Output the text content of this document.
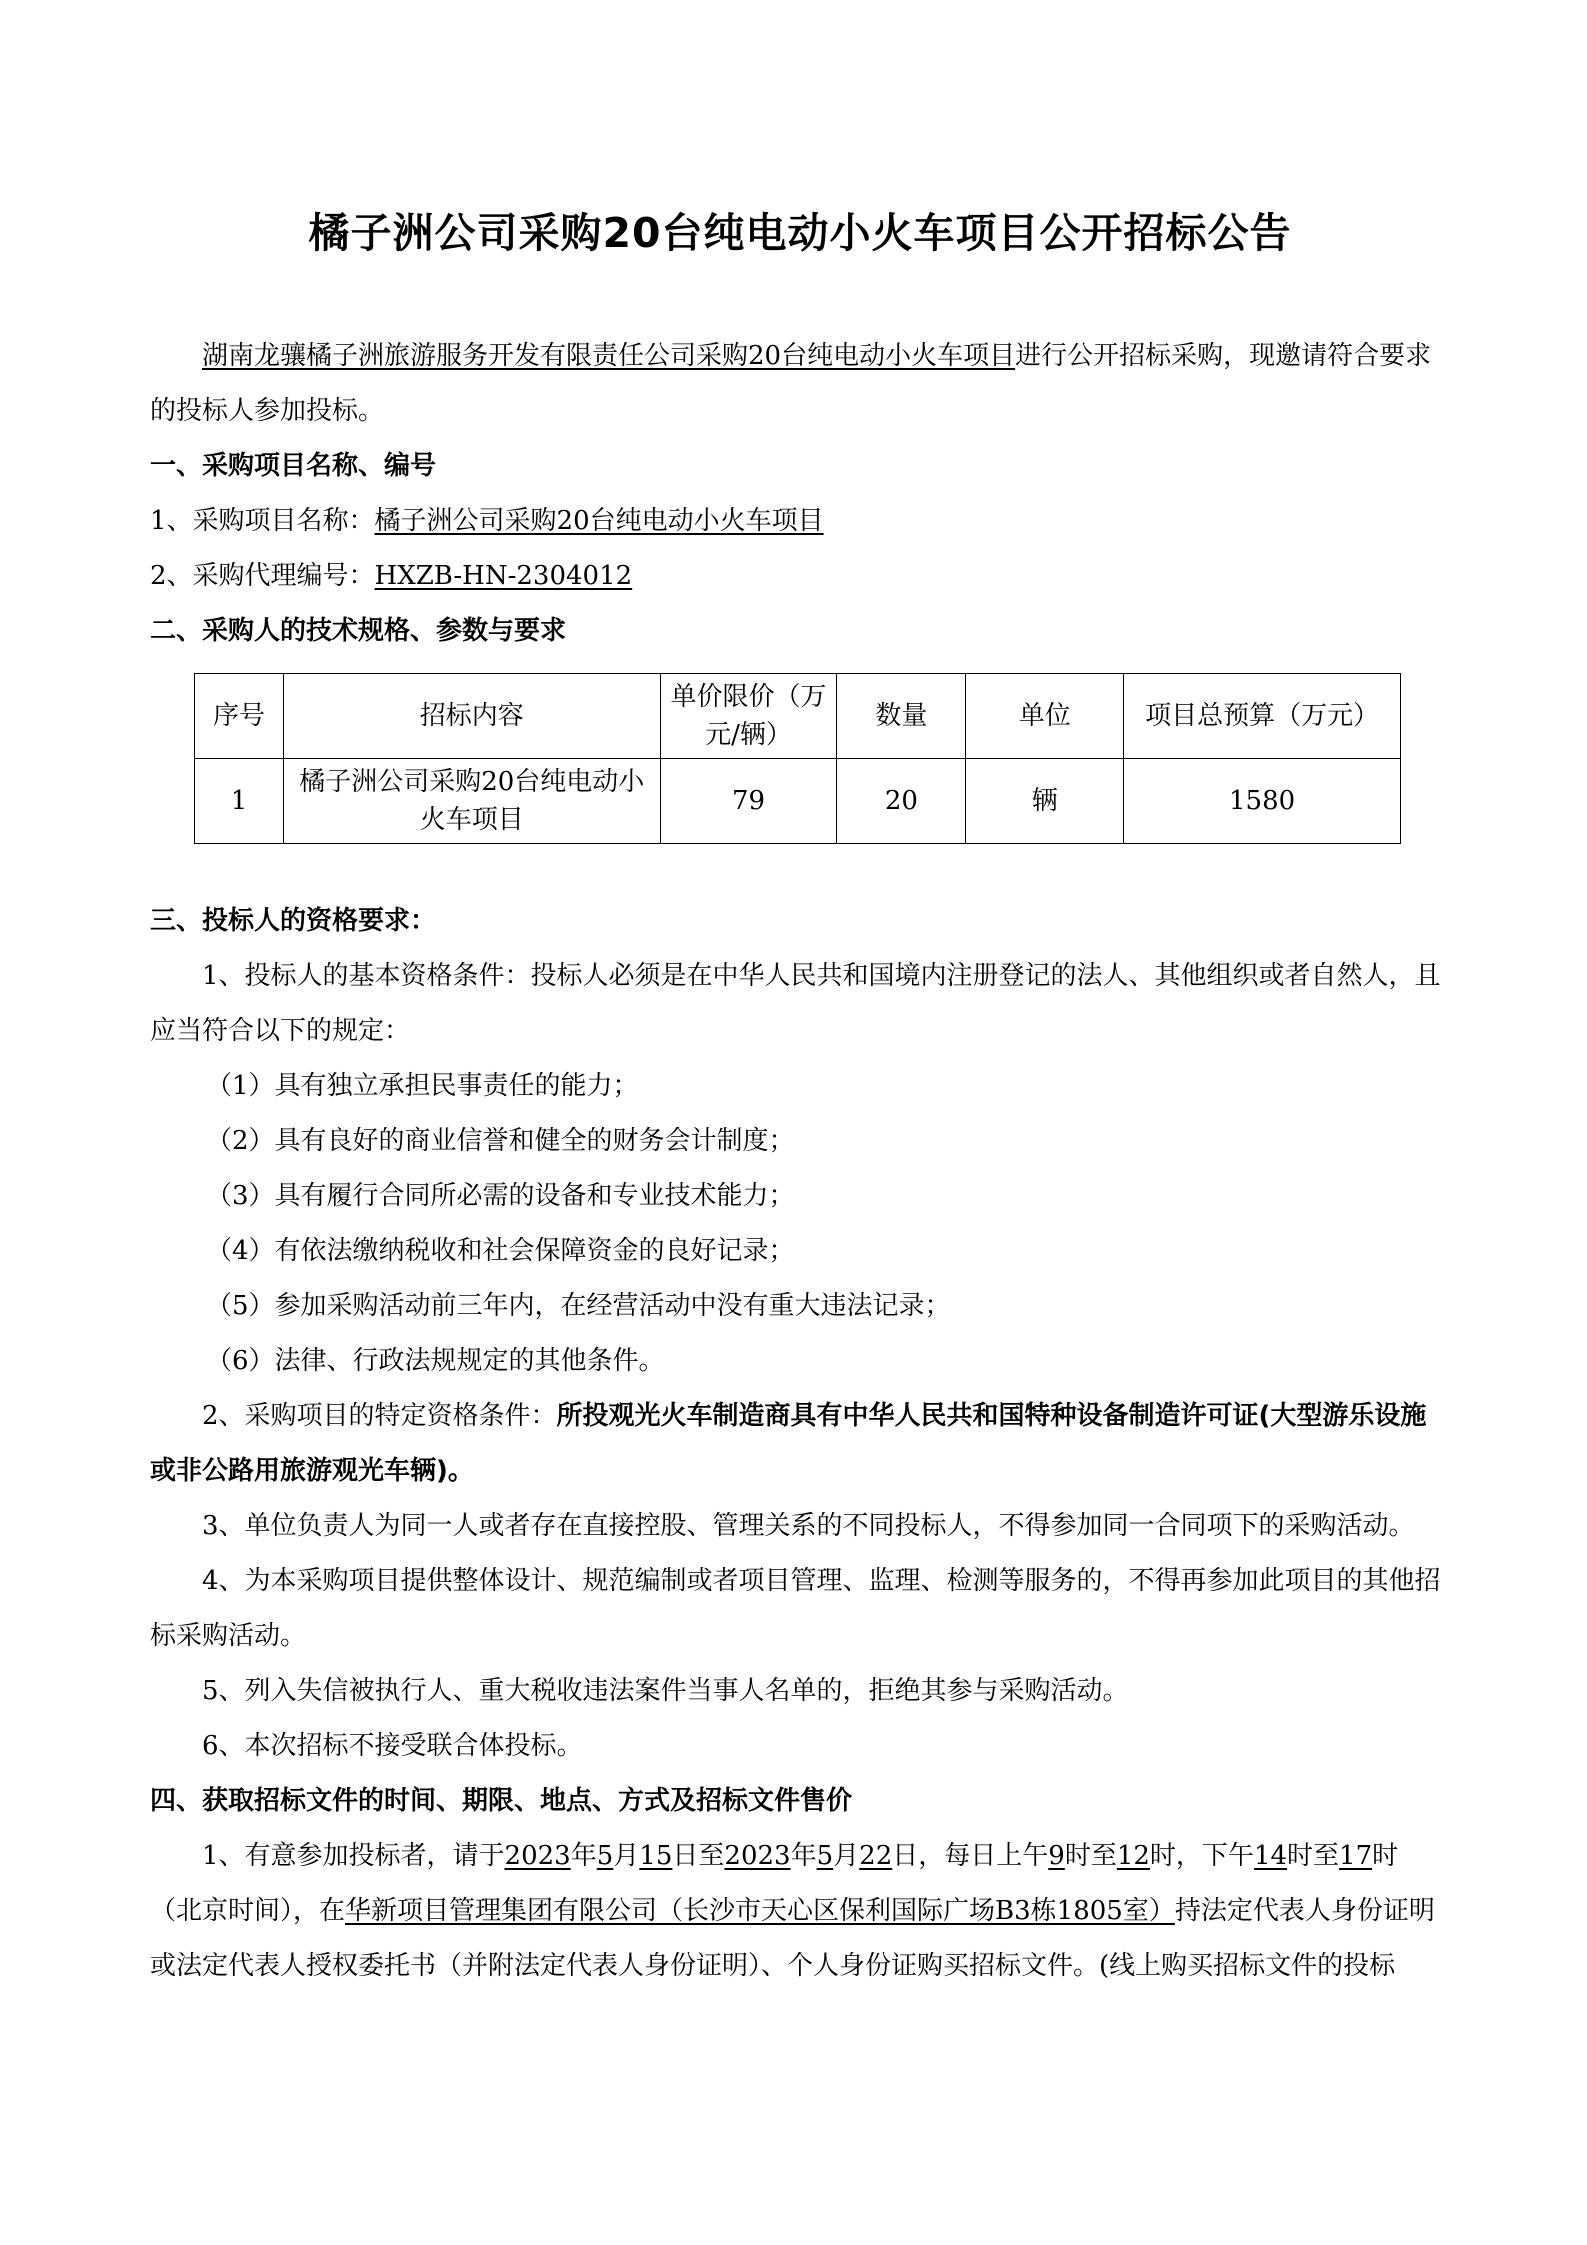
橘子洲公司采购20台纯电动小火车项目公开招标公告

湖南龙骧橘子洲旅游服务开发有限责任公司采购20台纯电动小火车项目进行公开招标采购，现邀请符合要求的投标人参加投标。

一、采购项目名称、编号

1、采购项目名称：橘子洲公司采购20台纯电动小火车项目

2、采购代理编号：HXZB-HN-2304012

二、采购人的技术规格、参数与要求

序号	招标内容	单价限价（万元/辆）	数量	单位	项目总预算（万元）
1	橘子洲公司采购20台纯电动小火车项目	79	20	辆	1580

三、投标人的资格要求：

1、投标人的基本资格条件：投标人必须是在中华人民共和国境内注册登记的法人、其他组织或者自然人，且应当符合以下的规定：

（1）具有独立承担民事责任的能力；

（2）具有良好的商业信誉和健全的财务会计制度；

（3）具有履行合同所必需的设备和专业技术能力；

（4）有依法缴纳税收和社会保障资金的良好记录；

（5）参加采购活动前三年内，在经营活动中没有重大违法记录；

（6）法律、行政法规规定的其他条件。

2、采购项目的特定资格条件：所投观光火车制造商具有中华人民共和国特种设备制造许可证(大型游乐设施或非公路用旅游观光车辆)。

3、单位负责人为同一人或者存在直接控股、管理关系的不同投标人，不得参加同一合同项下的采购活动。

4、为本采购项目提供整体设计、规范编制或者项目管理、监理、检测等服务的，不得再参加此项目的其他招标采购活动。

5、列入失信被执行人、重大税收违法案件当事人名单的，拒绝其参与采购活动。

6、本次招标不接受联合体投标。

四、获取招标文件的时间、期限、地点、方式及招标文件售价

1、有意参加投标者，请于2023年5月15日至2023年5月22日，每日上午9时至12时，下午14时至17时（北京时间），在华新项目管理集团有限公司（长沙市天心区保利国际广场B3栋1805室）持法定代表人身份证明或法定代表人授权委托书（并附法定代表人身份证明）、个人身份证购买招标文件。(线上购买招标文件的投标
